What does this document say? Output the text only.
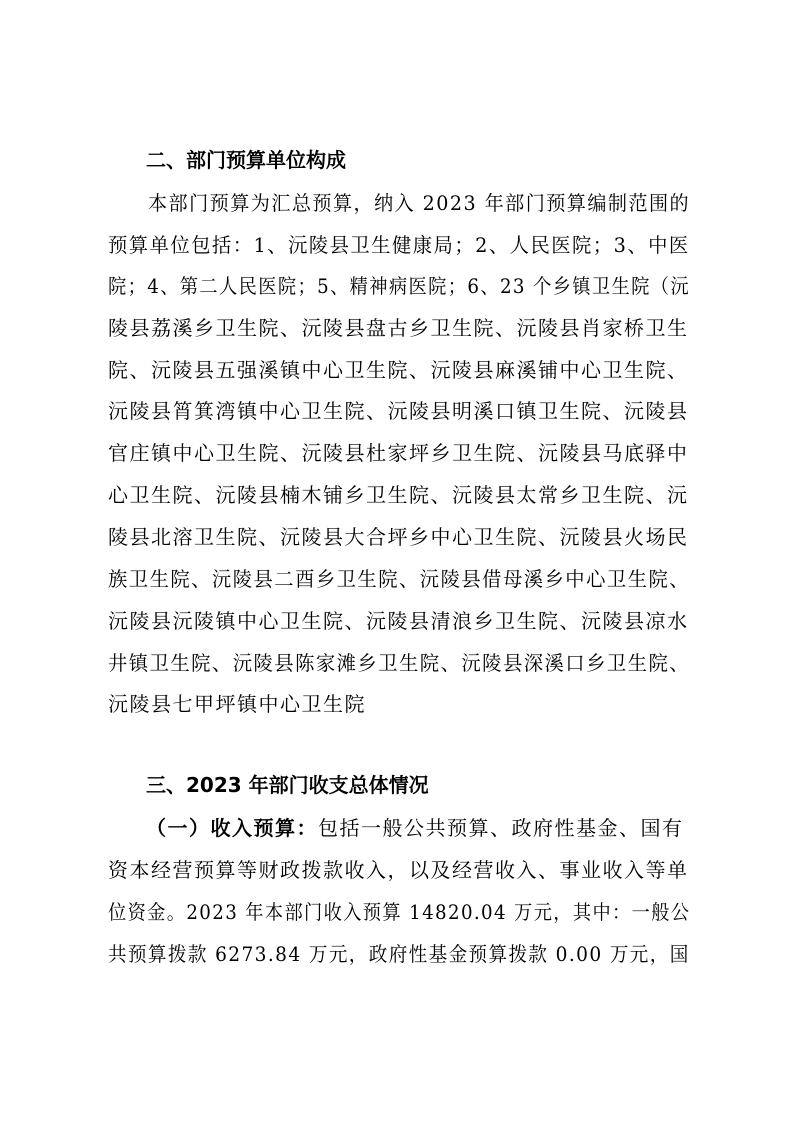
二、部门预算单位构成
本部门预算为汇总预算，纳入 2023 年部门预算编制范围的
预算单位包括：1、沅陵县卫生健康局；2、人民医院；3、中医
院；4、第二人民医院；5、精神病医院；6、23 个乡镇卫生院（沅
陵县荔溪乡卫生院、沅陵县盘古乡卫生院、沅陵县肖家桥卫生
院、沅陵县五强溪镇中心卫生院、沅陵县麻溪铺中心卫生院、
沅陵县筲箕湾镇中心卫生院、沅陵县明溪口镇卫生院、沅陵县
官庄镇中心卫生院、沅陵县杜家坪乡卫生院、沅陵县马底驿中
心卫生院、沅陵县楠木铺乡卫生院、沅陵县太常乡卫生院、沅
陵县北溶卫生院、沅陵县大合坪乡中心卫生院、沅陵县火场民
族卫生院、沅陵县二酉乡卫生院、沅陵县借母溪乡中心卫生院、
沅陵县沅陵镇中心卫生院、沅陵县清浪乡卫生院、沅陵县凉水
井镇卫生院、沅陵县陈家滩乡卫生院、沅陵县深溪口乡卫生院、
沅陵县七甲坪镇中心卫生院
三、2023 年部门收支总体情况
（一）收入预算：包括一般公共预算、政府性基金、国有
资本经营预算等财政拨款收入，以及经营收入、事业收入等单
位资金。2023 年本部门收入预算 14820.04 万元，其中：一般公
共预算拨款 6273.84 万元，政府性基金预算拨款 0.00 万元，国
